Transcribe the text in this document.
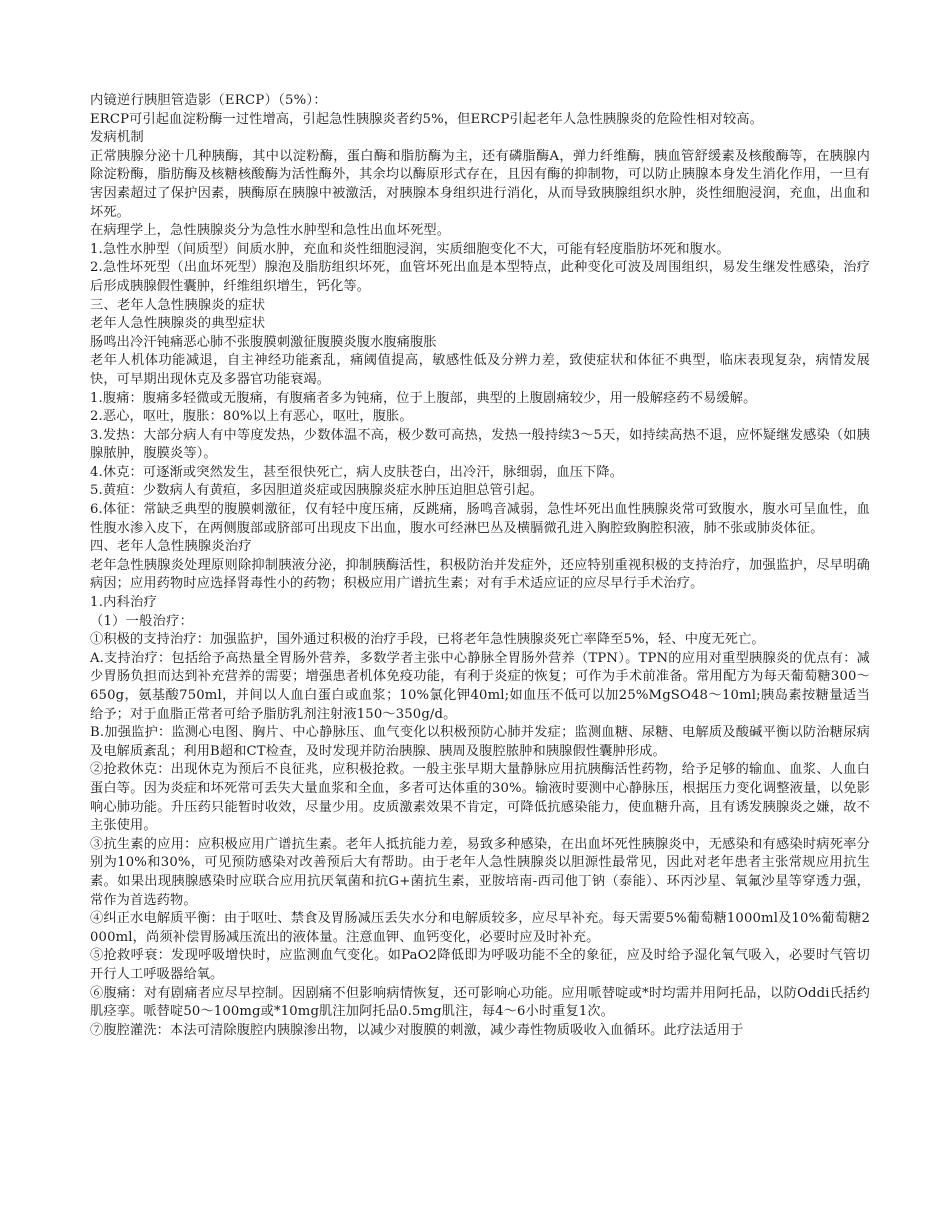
内镜逆行胰胆管造影（ERCP）（5%）：

ERCP可引起血淀粉酶一过性增高，引起急性胰腺炎者约5%，但ERCP引起老年人急性胰腺炎的危险性相对较高。

发病机制

正常胰腺分泌十几种胰酶，其中以淀粉酶，蛋白酶和脂肪酶为主，还有磷脂酶A，弹力纤维酶，胰血管舒缓素及核酸酶等，在胰腺内除淀粉酶，脂肪酶及核糖核酸酶为活性酶外，其余均以酶原形式存在，且因有酶的抑制物，可以防止胰腺本身发生消化作用，一旦有害因素超过了保护因素，胰酶原在胰腺中被激活，对胰腺本身组织进行消化，从而导致胰腺组织水肿，炎性细胞浸润，充血，出血和坏死。

在病理学上，急性胰腺炎分为急性水肿型和急性出血坏死型。

1.急性水肿型（间质型）间质水肿，充血和炎性细胞浸润，实质细胞变化不大，可能有轻度脂肪坏死和腹水。

2.急性坏死型（出血坏死型）腺泡及脂肪组织坏死，血管坏死出血是本型特点，此种变化可波及周围组织，易发生继发性感染，治疗后形成胰腺假性囊肿，纤维组织增生，钙化等。

三、老年人急性胰腺炎的症状

老年人急性胰腺炎的典型症状

肠鸣出冷汗钝痛恶心肺不张腹膜刺激征腹膜炎腹水腹痛腹胀

老年人机体功能减退，自主神经功能紊乱，痛阈值提高，敏感性低及分辨力差，致使症状和体征不典型，临床表现复杂，病情发展快，可早期出现休克及多器官功能衰竭。

1.腹痛：腹痛多轻微或无腹痛，有腹痛者多为钝痛，位于上腹部，典型的上腹剧痛较少，用一般解痉药不易缓解。

2.恶心，呕吐，腹胀：80%以上有恶心，呕吐，腹胀。

3.发热：大部分病人有中等度发热，少数体温不高，极少数可高热，发热一般持续3～5天，如持续高热不退，应怀疑继发感染（如胰腺脓肿，腹膜炎等）。

4.休克：可逐渐或突然发生，甚至很快死亡，病人皮肤苍白，出冷汗，脉细弱，血压下降。

5.黄疸：少数病人有黄疸，多因胆道炎症或因胰腺炎症水肿压迫胆总管引起。

6.体征：常缺乏典型的腹膜刺激征，仅有轻中度压痛，反跳痛，肠鸣音减弱，急性坏死出血性胰腺炎常可致腹水，腹水可呈血性，血性腹水渗入皮下，在两侧腹部或脐部可出现皮下出血，腹水可经淋巴丛及横膈微孔进入胸腔致胸腔积液，肺不张或肺炎体征。

四、老年人急性胰腺炎治疗

老年急性胰腺炎处理原则除抑制胰液分泌，抑制胰酶活性，积极防治并发症外，还应特别重视积极的支持治疗，加强监护，尽早明确病因；应用药物时应选择肾毒性小的药物；积极应用广谱抗生素；对有手术适应证的应尽早行手术治疗。

1.内科治疗

（1）一般治疗：

①积极的支持治疗：加强监护，国外通过积极的治疗手段，已将老年急性胰腺炎死亡率降至5%，轻、中度无死亡。

A.支持治疗：包括给予高热量全胃肠外营养，多数学者主张中心静脉全胃肠外营养（TPN）。TPN的应用对重型胰腺炎的优点有：减少胃肠负担而达到补充营养的需要；增强患者机体免疫功能，有利于炎症的恢复；可作为手术前准备。常用配方为每天葡萄糖300～650g，氨基酸750ml，并间以人血白蛋白或血浆；10%氯化钾40ml;如血压不低可以加25%MgSO48～10ml;胰岛素按糖量适当给予；对于血脂正常者可给予脂肪乳剂注射液150～350g/d。

B.加强监护：监测心电图、胸片、中心静脉压、血气变化以积极预防心肺并发症；监测血糖、尿糖、电解质及酸碱平衡以防治糖尿病及电解质紊乱；利用B超和CT检查，及时发现并防治胰腺、胰周及腹腔脓肿和胰腺假性囊肿形成。

②抢救休克：出现休克为预后不良征兆，应积极抢救。一般主张早期大量静脉应用抗胰酶活性药物，给予足够的输血、血浆、人血白蛋白等。因为炎症和坏死常可丢失大量血浆和全血，多者可达体重的30%。输液时要测中心静脉压，根据压力变化调整液量，以免影响心肺功能。升压药只能暂时收效，尽量少用。皮质激素效果不肯定，可降低抗感染能力，使血糖升高，且有诱发胰腺炎之嫌，故不主张使用。

③抗生素的应用：应积极应用广谱抗生素。老年人抵抗能力差，易致多种感染，在出血坏死性胰腺炎中，无感染和有感染时病死率分别为10%和30%，可见预防感染对改善预后大有帮助。由于老年人急性胰腺炎以胆源性最常见，因此对老年患者主张常规应用抗生素。如果出现胰腺感染时应联合应用抗厌氧菌和抗G+菌抗生素，亚胺培南-西司他丁钠（泰能）、环丙沙星、氧氟沙星等穿透力强，常作为首选药物。

④纠正水电解质平衡：由于呕吐、禁食及胃肠减压丢失水分和电解质较多，应尽早补充。每天需要5%葡萄糖1000ml及10%葡萄糖2000ml，尚须补偿胃肠减压流出的液体量。注意血钾、血钙变化，必要时应及时补充。

⑤抢救呼衰：发现呼吸增快时，应监测血气变化。如PaO2降低即为呼吸功能不全的象征，应及时给予湿化氧气吸入，必要时气管切开行人工呼吸器给氧。

⑥腹痛：对有剧痛者应尽早控制。因剧痛不但影响病情恢复，还可影响心功能。应用哌替啶或*时均需并用阿托品，以防Oddi氏括约肌痉挛。哌替啶50～100mg或*10mg肌注加阿托品0.5mg肌注，每4～6小时重复1次。

⑦腹腔灌洗：本法可清除腹腔内胰腺渗出物，以减少对腹膜的刺激，减少毒性物质吸收入血循环。此疗法适用于
